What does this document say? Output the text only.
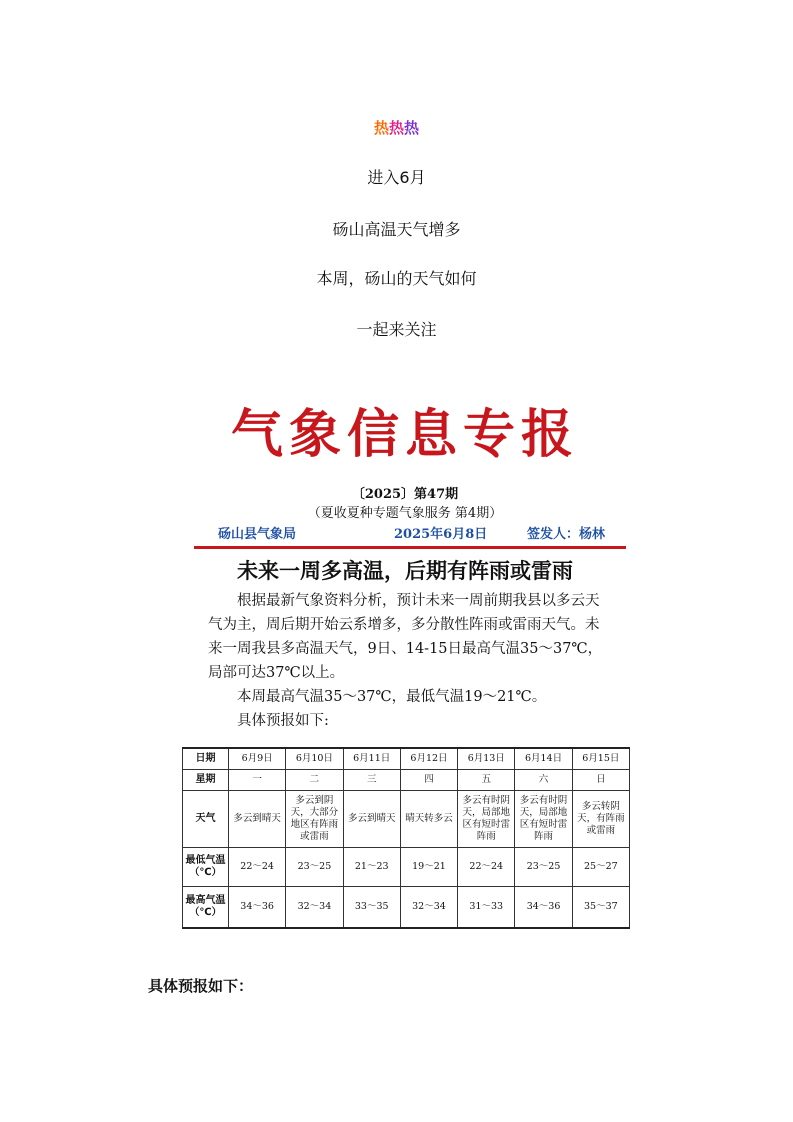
热热热
进入6月
砀山高温天气增多
本周，砀山的天气如何
一起来关注
气象信息专报
〔2025〕第47期
（夏收夏种专题气象服务 第4期）
砀山县气象局	2025年6月8日	签发人：杨林
未来一周多高温，后期有阵雨或雷雨

根据最新气象资料分析，预计未来一周前期我县以多云天气为主，周后期开始云系增多，多分散性阵雨或雷雨天气。未来一周我县多高温天气，9日、14-15日最高气温35～37℃，局部可达37℃以上。

本周最高气温35～37℃，最低气温19～21℃。

具体预报如下:

日期	6月9日	6月10日	6月11日	6月12日	6月13日	6月14日	6月15日
星期	一	二	三	四	五	六	日
天气	多云到晴天	多云到阴天，大部分地区有阵雨或雷雨	多云到晴天	晴天转多云	多云有时阴天，局部地区有短时雷阵雨	多云有时阴天，局部地区有短时雷阵雨	多云转阴天，有阵雨或雷雨
最低气温（℃）	22～24	23～25	21～23	19～21	22～24	23～25	25～27
最高气温（℃）	34～36	32～34	33～35	32～34	31～33	34～36	35～37
具体预报如下：
